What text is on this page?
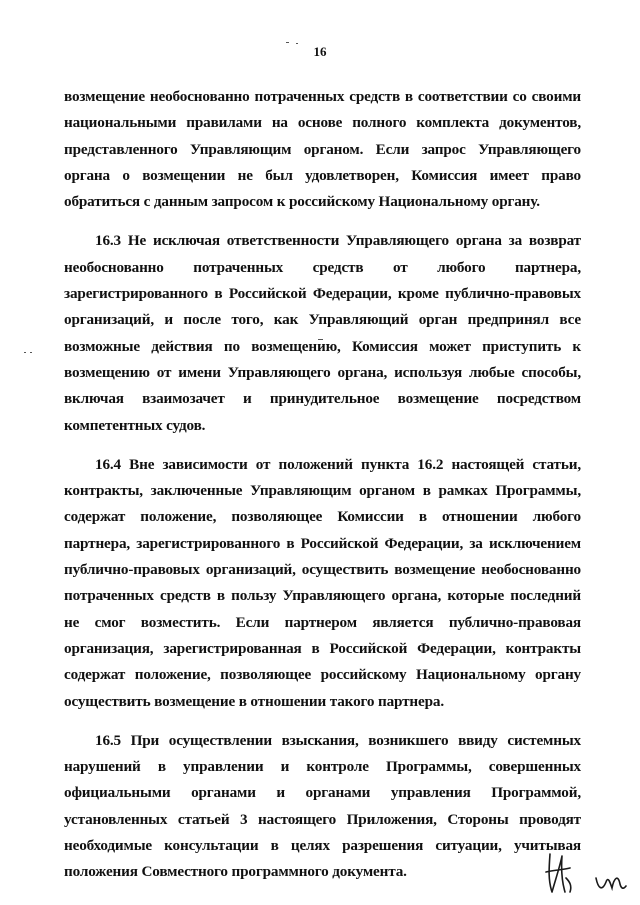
16

возмещение необоснованно потраченных средств в соответствии со своими национальными правилами на основе полного комплекта документов, представленного Управляющим органом. Если запрос Управляющего органа о возмещении не был удовлетворен, Комиссия имеет право обратиться с данным запросом к российскому Национальному органу.

16.3 Не исключая ответственности Управляющего органа за возврат необоснованно потраченных средств от любого партнера, зарегистрированного в Российской Федерации, кроме публично-правовых организаций, и после того, как Управляющий орган предпринял все возможные действия по возмещению, Комиссия может приступить к возмещению от имени Управляющего органа, используя любые способы, включая взаимозачет и принудительное возмещение посредством компетентных судов.

16.4 Вне зависимости от положений пункта 16.2 настоящей статьи, контракты, заключенные Управляющим органом в рамках Программы, содержат положение, позволяющее Комиссии в отношении любого партнера, зарегистрированного в Российской Федерации, за исключением публично-правовых организаций, осуществить возмещение необоснованно потраченных средств в пользу Управляющего органа, которые последний не смог возместить. Если партнером является публично-правовая организация, зарегистрированная в Российской Федерации, контракты содержат положение, позволяющее российскому Национальному органу осуществить возмещение в отношении такого партнера.

16.5 При осуществлении взыскания, возникшего ввиду системных нарушений в управлении и контроле Программы, совершенных официальными органами и органами управления Программой, установленных статьей 3 настоящего Приложения, Стороны проводят необходимые консультации в целях разрешения ситуации, учитывая положения Совместного программного документа.
